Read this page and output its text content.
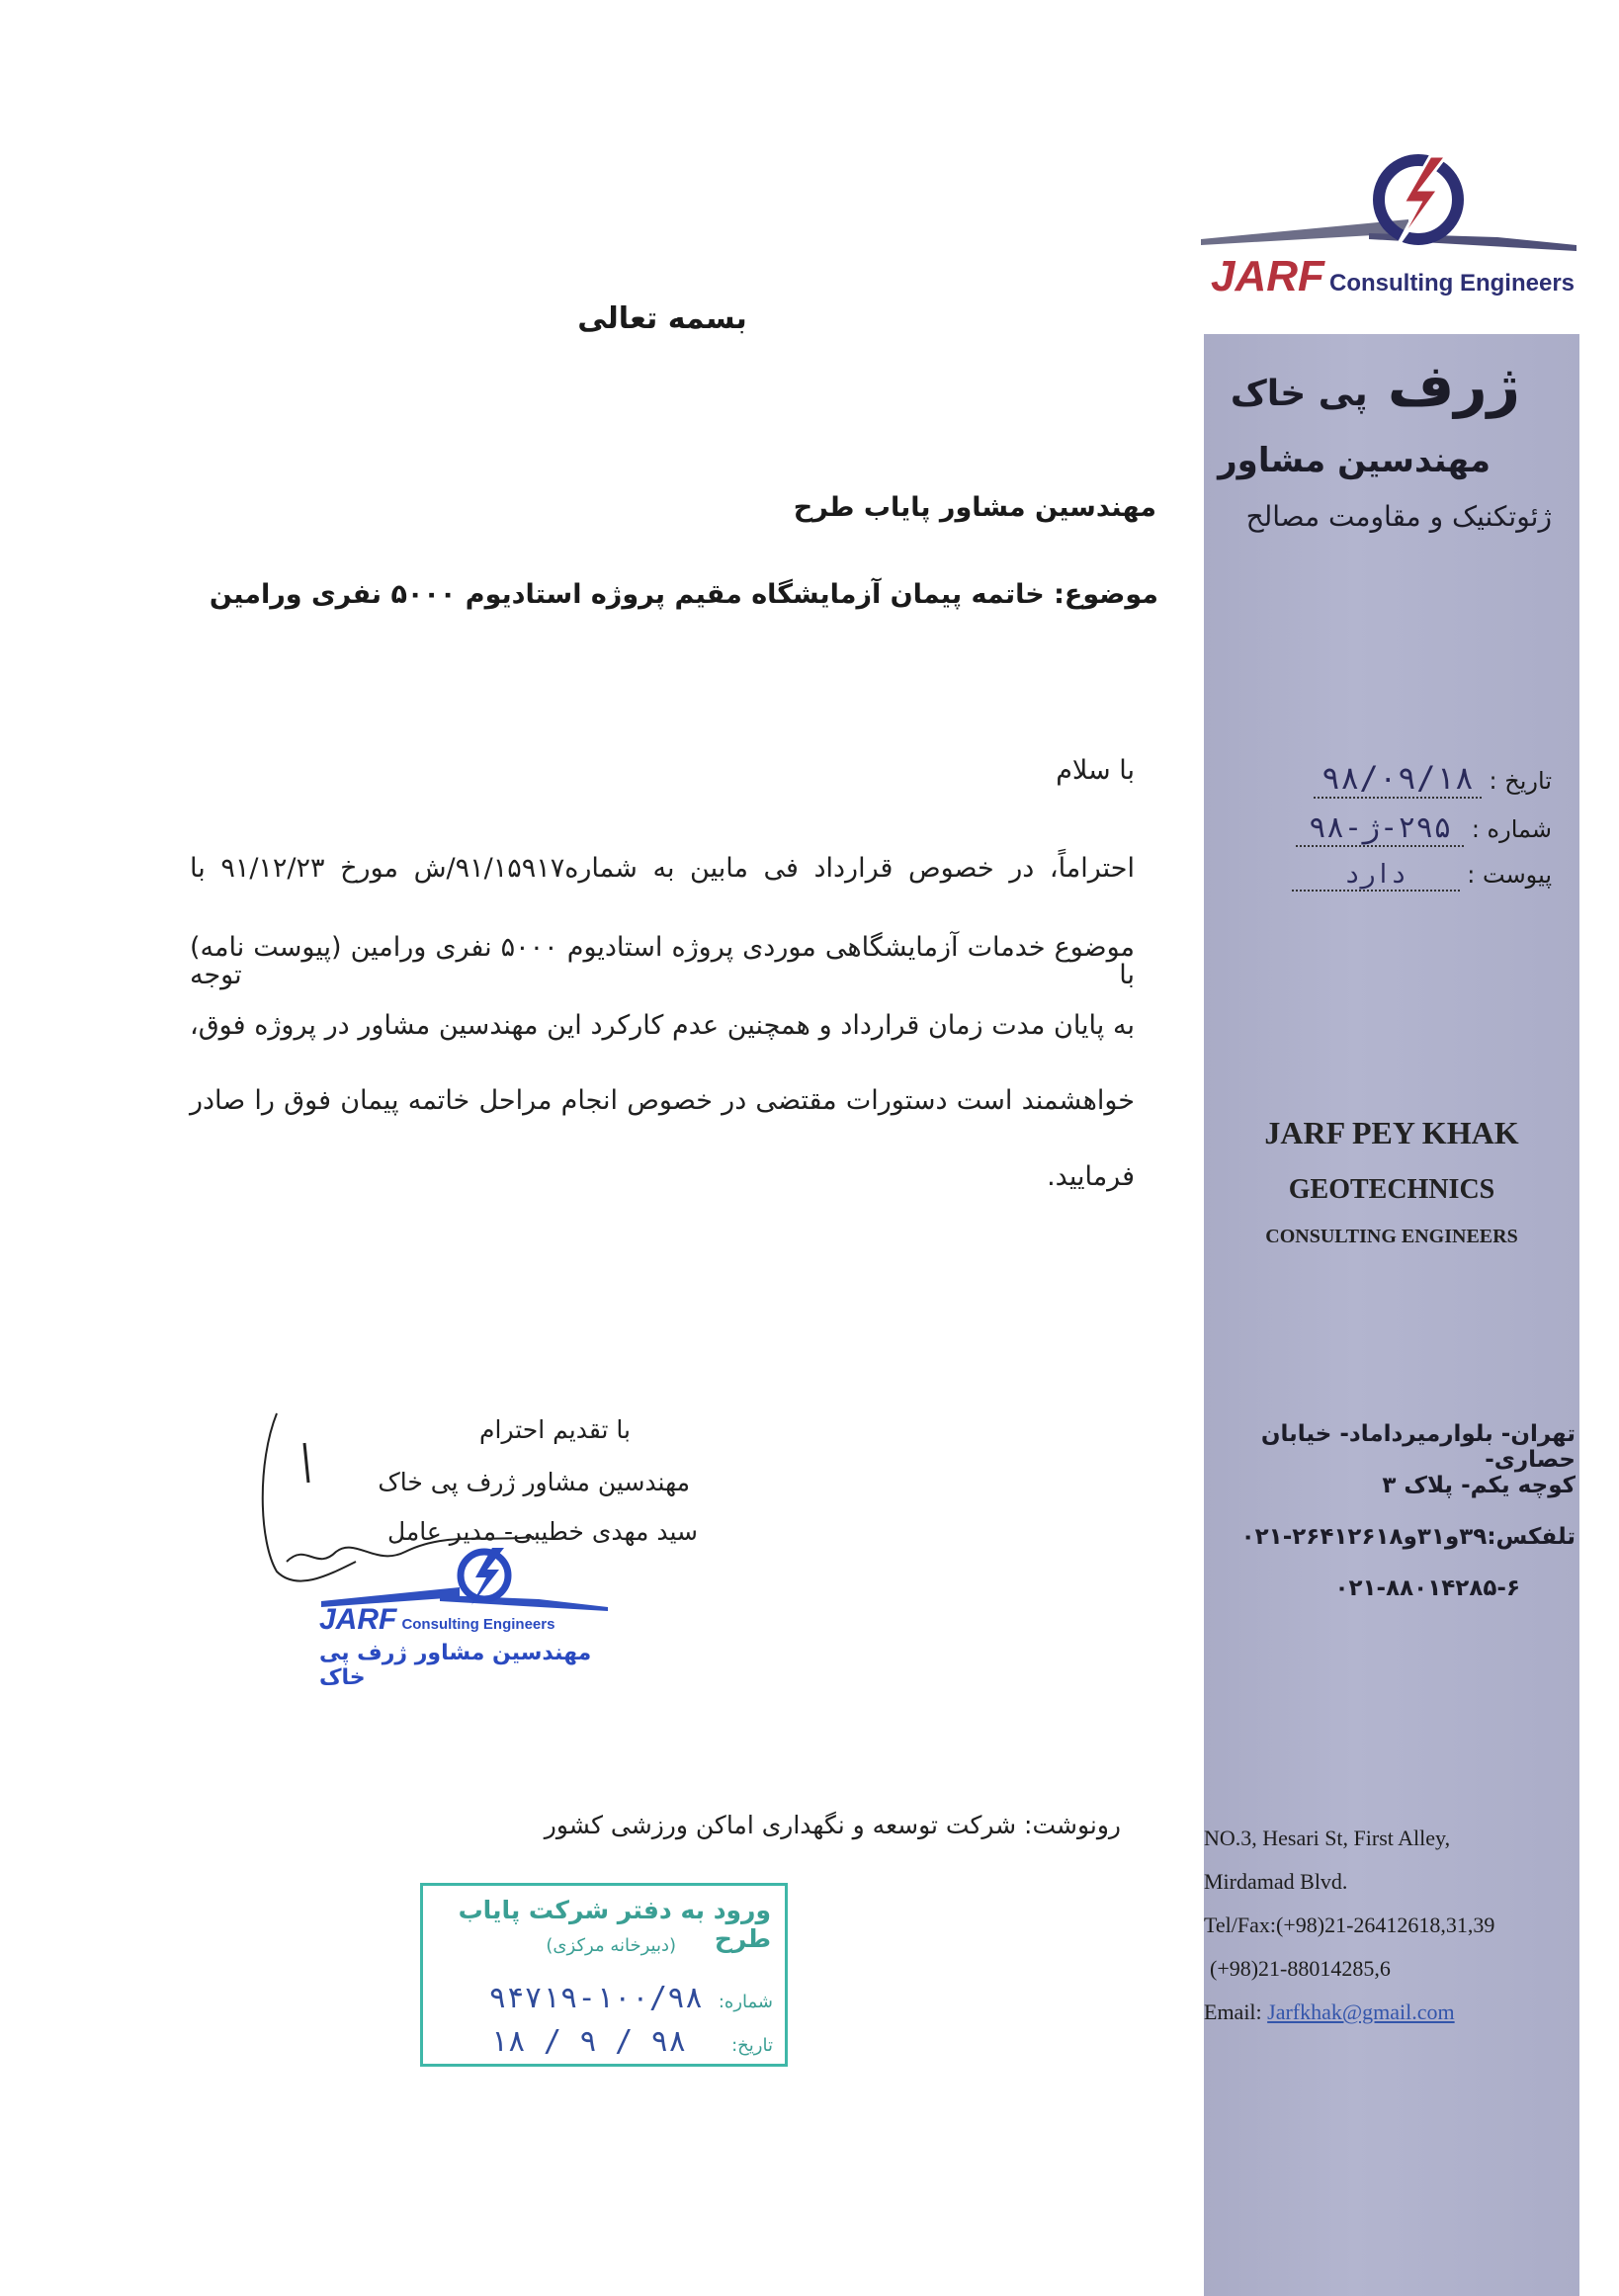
JARF Consulting Engineers
ژرف پی خاک
مهندسین مشاور
ژئوتکنیک و مقاومت مصالح
تاریخ : ۹۸/۰۹/۱۸
شماره : ۲۹۵-ژ-۹۸
پیوست : دارد
JARF PEY KHAK
GEOTECHNICS
CONSULTING ENGINEERS
تهران- بلوارمیرداماد- خیابان حصاری-
کوچه یکم- پلاک ۳
تلفکس:۳۹و۳۱و۲۶۴۱۲۶۱۸-۰۲۱
۰۲۱-۸۸۰۱۴۲۸۵-۶
NO.3, Hesari St, First Alley,
Mirdamad Blvd.
Tel/Fax:(+98)21-26412618,31,39
(+98)21-88014285,6
Email: Jarfkhak@gmail.com
بسمه تعالی
مهندسین مشاور پایاب طرح
موضوع: خاتمه پیمان آزمایشگاه مقیم پروژه استادیوم ۵۰۰۰ نفری ورامین
با سلام
احتراماً، در خصوص قرارداد فی مابین به شماره۹۱/۱۵۹۱۷/ش مورخ ۹۱/۱۲/۲۳ با
موضوع خدمات آزمایشگاهی موردی پروژه استادیوم ۵۰۰۰ نفری ورامین (پیوست نامه) با توجه
به پایان مدت زمان قرارداد و همچنین عدم کارکرد این مهندسین مشاور در پروژه فوق،
خواهشمند است دستورات مقتضی در خصوص انجام مراحل خاتمه پیمان فوق را صادر
فرمایید.
با تقدیم احترام
مهندسین مشاور ژرف پی خاک
سید مهدی خطیبی- مدیر عامل
JARF Consulting Engineers
مهندسین مشاور ژرف پی خاک
رونوشت: شرکت توسعه و نگهداری اماکن ورزشی کشور
ورود به دفتر شرکت پایاب طرح
(دبیرخانه مرکزی)
شماره: ۱۰۰/۹۸-۹۴۷۱۹
تاریخ: ۹۸ / ۹ / ۱۸
